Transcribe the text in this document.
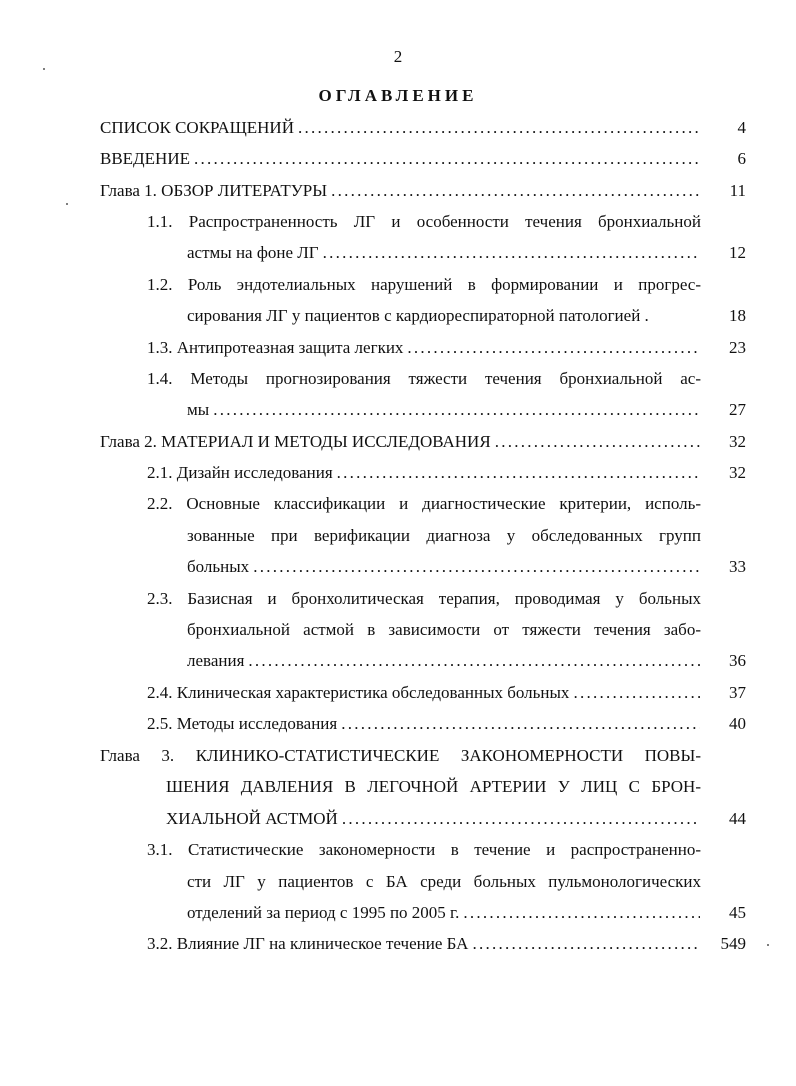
2
ОГЛАВЛЕНИЕ
СПИСОК СОКРАЩЕНИЙ . . .	4
ВВЕДЕНИЕ . . .	6
Глава 1. ОБЗОР ЛИТЕРАТУРЫ . . .	11
1.1. Распространенность ЛГ и особенности течения бронхиальной
астмы на фоне ЛГ . . .	12
1.2. Роль эндотелиальных нарушений в формировании и прогрес-
сирования ЛГ у пациентов с кардиореспираторной патологией .	18
1.3. Антипротеазная защита легких . . .	23
1.4. Методы прогнозирования тяжести течения бронхиальной ас-
мы . . .	27
Глава 2. МАТЕРИАЛ И МЕТОДЫ ИССЛЕДОВАНИЯ . . .	32
2.1. Дизайн исследования . . .	32
2.2. Основные классификации и диагностические критерии, исполь-
зованные при верификации диагноза у обследованных групп
больных . . .	33
2.3. Базисная и бронхолитическая терапия, проводимая у больных
бронхиальной астмой в зависимости от тяжести течения забо-
левания . . .	36
2.4. Клиническая характеристика обследованных больных . . .	37
2.5. Методы исследования . . .	40
Глава 3. КЛИНИКО-СТАТИСТИЧЕСКИЕ ЗАКОНОМЕРНОСТИ ПОВЫ-
ШЕНИЯ ДАВЛЕНИЯ В ЛЕГОЧНОЙ АРТЕРИИ У ЛИЦ С БРОН-
ХИАЛЬНОЙ АСТМОЙ . . .	44
3.1. Статистические закономерности в течение и распространенно-
сти ЛГ у пациентов с БА среди больных пульмонологических
отделений за период с 1995 по 2005 г. . . .	45
3.2. Влияние ЛГ на клиническое течение БА . . .	549
